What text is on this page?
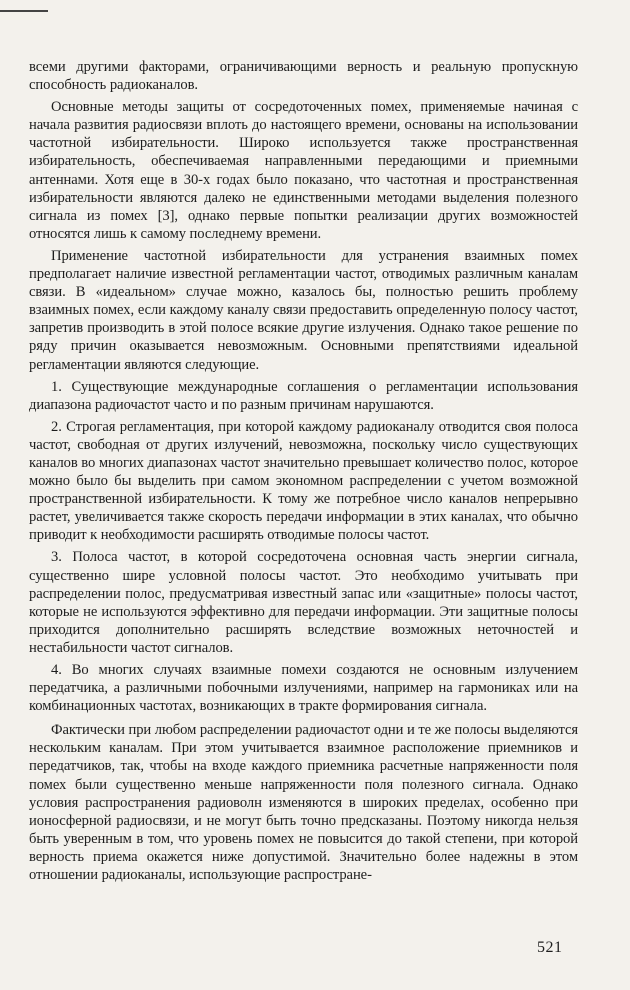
всеми другими факторами, ограничивающими верность и реальную пропускную способность радиоканалов.

Основные методы защиты от сосредоточенных помех, применяемые начиная с начала развития радиосвязи вплоть до настоящего времени, основаны на использовании частотной избирательности. Широко используется также пространственная избирательность, обеспечиваемая направленными передающими и приемными антеннами. Хотя еще в 30-х годах было показано, что частотная и пространственная избирательности являются далеко не единственными методами выделения полезного сигнала из помех [3], однако первые попытки реализации других возможностей относятся лишь к самому последнему времени.

Применение частотной избирательности для устранения взаимных помех предполагает наличие известной регламентации частот, отводимых различным каналам связи. В «идеальном» случае можно, казалось бы, полностью решить проблему взаимных помех, если каждому каналу связи предоставить определенную полосу частот, запретив производить в этой полосе всякие другие излучения. Однако такое решение по ряду причин оказывается невозможным. Основными препятствиями идеальной регламентации являются следующие.

1. Существующие международные соглашения о регламентации использования диапазона радиочастот часто и по разным причинам нарушаются.

2. Строгая регламентация, при которой каждому радиоканалу отводится своя полоса частот, свободная от других излучений, невозможна, поскольку число существующих каналов во многих диапазонах частот значительно превышает количество полос, которое можно было бы выделить при самом экономном распределении с учетом возможной пространственной избирательности. К тому же потребное число каналов непрерывно растет, увеличивается также скорость передачи информации в этих каналах, что обычно приводит к необходимости расширять отводимые полосы частот.

3. Полоса частот, в которой сосредоточена основная часть энергии сигнала, существенно шире условной полосы частот. Это необходимо учитывать при распределении полос, предусматривая известный запас или «защитные» полосы частот, которые не используются эффективно для передачи информации. Эти защитные полосы приходится дополнительно расширять вследствие возможных неточностей и нестабильности частот сигналов.

4. Во многих случаях взаимные помехи создаются не основным излучением передатчика, а различными побочными излучениями, например на гармониках или на комбинационных частотах, возникающих в тракте формирования сигнала.

Фактически при любом распределении радиочастот одни и те же полосы выделяются нескольким каналам. При этом учитывается взаимное расположение приемников и передатчиков, так, чтобы на входе каждого приемника расчетные напряженности поля помех были существенно меньше напряженности поля полезного сигнала. Однако условия распространения радиоволн изменяются в широких пределах, особенно при ионосферной радиосвязи, и не могут быть точно предсказаны. Поэтому никогда нельзя быть уверенным в том, что уровень помех не повысится до такой степени, при которой верность приема окажется ниже допустимой. Значительно более надежны в этом отношении радиоканалы, использующие распростране-

521
